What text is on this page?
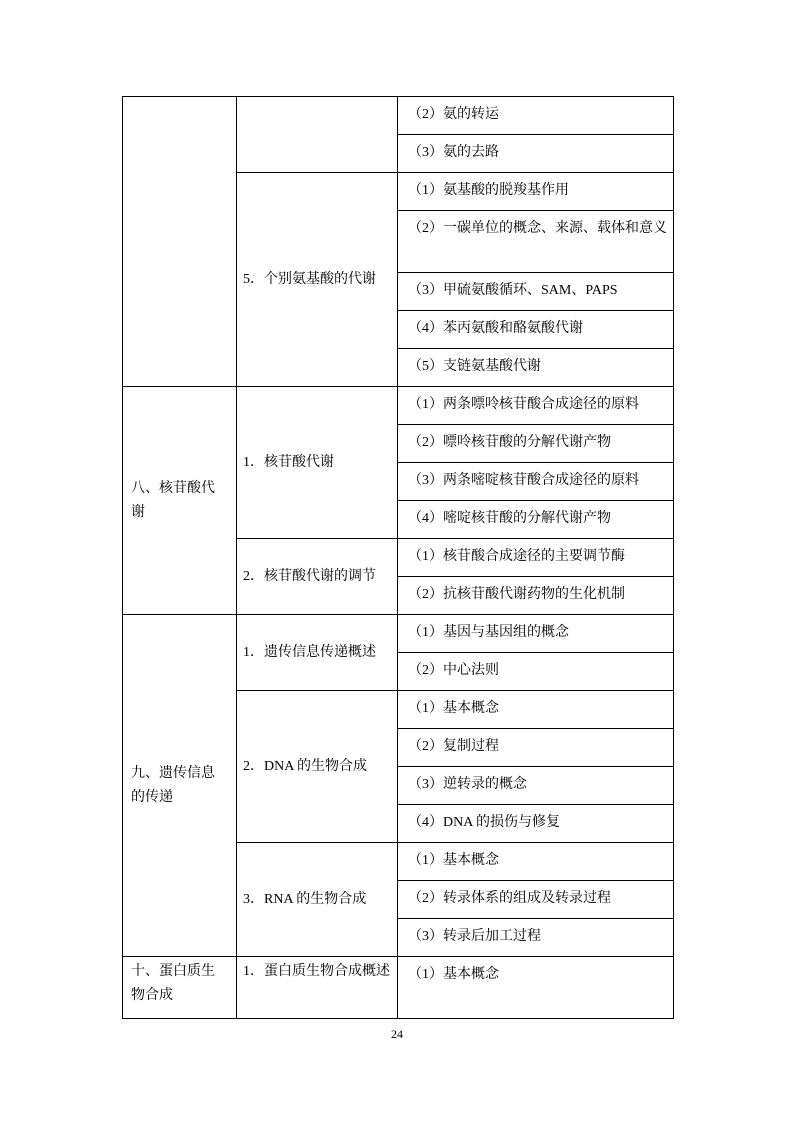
		（2）氨的转运

		（3）氨的去路

	5．个别氨基酸的代谢	（1）氨基酸的脱羧基作用

		（2）一碳单位的概念、来源、载体和意义

		（3）甲硫氨酸循环、SAM、PAPS

		（4）苯丙氨酸和酪氨酸代谢

		（5）支链氨基酸代谢

八、核苷酸代谢	1．核苷酸代谢	（1）两条嘌呤核苷酸合成途径的原料

		（2）嘌呤核苷酸的分解代谢产物

		（3）两条嘧啶核苷酸合成途径的原料

		（4）嘧啶核苷酸的分解代谢产物

	2．核苷酸代谢的调节	（1）核苷酸合成途径的主要调节酶

		（2）抗核苷酸代谢药物的生化机制

九、遗传信息的传递	1．遗传信息传递概述	（1）基因与基因组的概念

		（2）中心法则

	2．DNA 的生物合成	（1）基本概念

		（2）复制过程

		（3）逆转录的概念

		（4）DNA 的损伤与修复

	3．RNA 的生物合成	（1）基本概念

		（2）转录体系的组成及转录过程

		（3）转录后加工过程

十、蛋白质生物合成	1．蛋白质生物合成概述	（1）基本概念
24
